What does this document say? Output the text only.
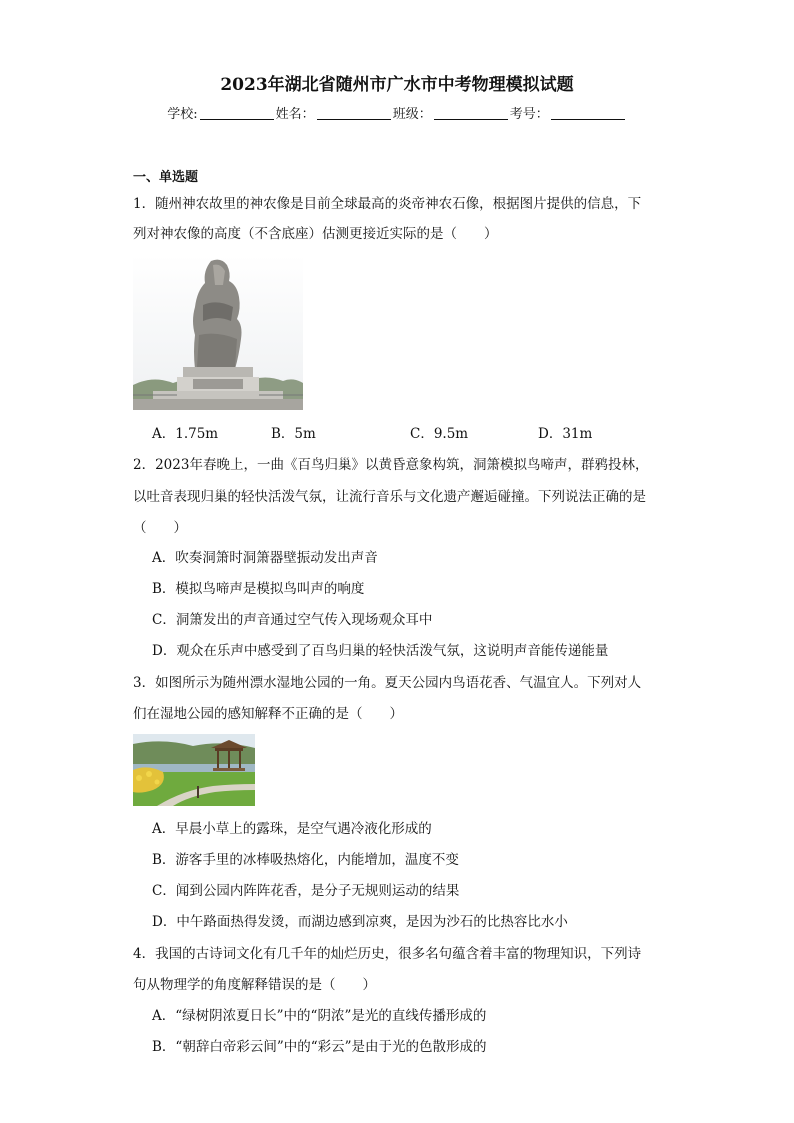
2023年湖北省随州市广水市中考物理模拟试题
学校:	姓名：	班级：	考号：
一、单选题
1．随州神农故里的神农像是目前全球最高的炎帝神农石像，根据图片提供的信息，下
列对神农像的高度（不含底座）估测更接近实际的是（　　）
A．1.75m	B．5m	C．9.5m	D．31m
2．2023年春晚上，一曲《百鸟归巢》以黄昏意象构筑，洞箫模拟鸟啼声，群鸦投林，
以吐音表现归巢的轻快活泼气氛，让流行音乐与文化遗产邂逅碰撞。下列说法正确的是
（　　）
A．吹奏洞箫时洞箫器壁振动发出声音
B．模拟鸟啼声是模拟鸟叫声的响度
C．洞箫发出的声音通过空气传入现场观众耳中
D．观众在乐声中感受到了百鸟归巢的轻快活泼气氛，这说明声音能传递能量
3．如图所示为随州漂水湿地公园的一角。夏天公园内鸟语花香、气温宜人。下列对人
们在湿地公园的感知解释不正确的是（　　）
A．早晨小草上的露珠，是空气遇冷液化形成的
B．游客手里的冰棒吸热熔化，内能增加，温度不变
C．闻到公园内阵阵花香，是分子无规则运动的结果
D．中午路面热得发烫，而湖边感到凉爽，是因为沙石的比热容比水小
4．我国的古诗词文化有几千年的灿烂历史，很多名句蕴含着丰富的物理知识，下列诗
句从物理学的角度解释错误的是（　　）
A．“绿树阴浓夏日长”中的“阴浓”是光的直线传播形成的
B．“朝辞白帝彩云间”中的“彩云”是由于光的色散形成的
